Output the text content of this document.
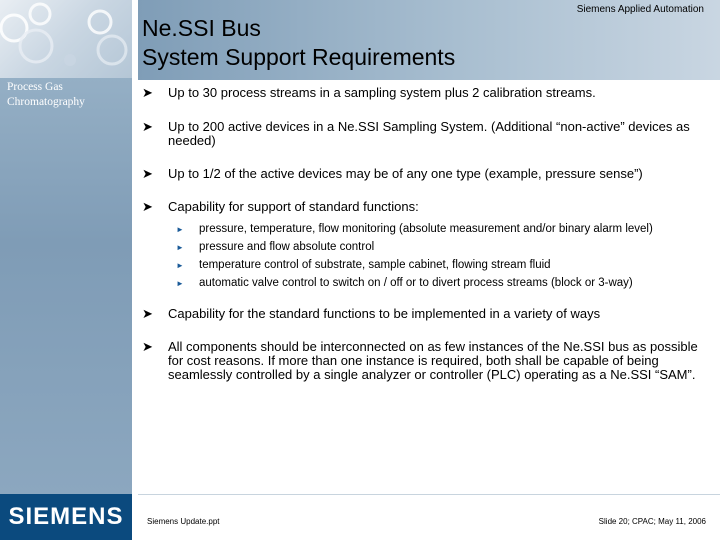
Process Gas
Chromatography
SIEMENS
Siemens Applied Automation
Ne.SSI Bus
System Support Requirements
➤ Up to 30 process streams in a sampling system plus 2 calibration streams.
➤ Up to 200 active devices in a Ne.SSI Sampling System. (Additional “non-active” devices as needed)
➤ Up to 1/2 of the active devices may be of any one type (example, pressure sense”)
➤ Capability for support of standard functions:
► pressure, temperature, flow monitoring (absolute measurement and/or binary alarm level)
► pressure and flow absolute control
► temperature control of substrate, sample cabinet, flowing stream fluid
► automatic valve control to switch on / off or to divert process streams (block or 3-way)
➤ Capability for the standard functions to be implemented in a variety of ways
➤ All components should be interconnected on as few instances of the Ne.SSI bus as possible for cost reasons. If more than one instance is required, both shall be capable of being seamlessly controlled by a single analyzer or controller (PLC) operating as a Ne.SSI “SAM”.
Siemens Update.ppt	Slide 20; CPAC; May 11, 2006
